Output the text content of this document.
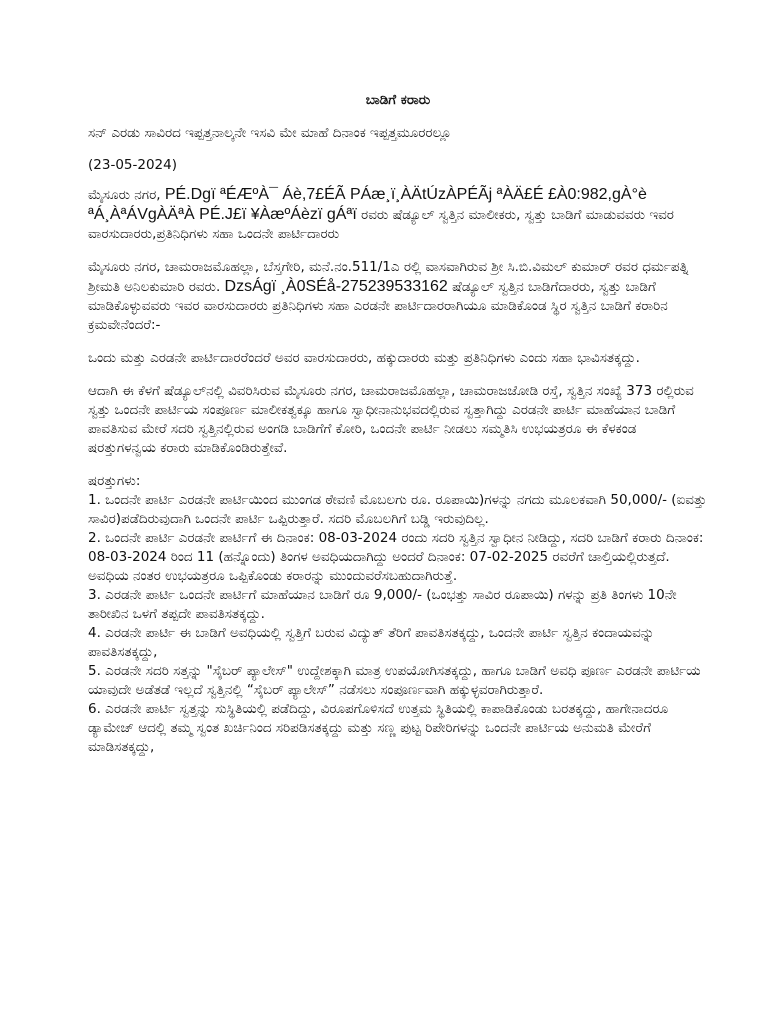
ಬಾಡಿಗೆ ಕರಾರು

ಸನ್ ಎರಡು ಸಾವಿರದ ಇಪ್ಪತ್ತನಾಲ್ಕನೇ ಇಸವಿ ಮೇ ಮಾಹೆ ದಿನಾಂಕ ಇಪ್ಪತ್ತಮೂರರಲ್ಲೂ

(23-05-2024)

ಮೈಸೂರು ನಗರ, PÉ.Dgï ªÉÆºÀ¯ Áè,7£ÉÃ PÁæ¸ï¸ÀÄtÚzÀPÉÃj ªÀÄ£É £À0:982,gÀ°è ªÁ¸ÀªÁVgÀÄªÀ PÉ.J£ï ¥ÀæºÁèzï gÁªï ರವರು ಷೆಡ್ಯೂಲ್ ಸ್ವತ್ತಿನ ಮಾಲೀಕರು, ಸ್ವತ್ತು ಬಾಡಿಗೆ ಮಾಡುವವರು ಇವರ ವಾರಸುದಾರರು,ಪ್ರತಿನಿಧಿಗಳು ಸಹಾ ಒಂದನೇ ಪಾರ್ಟಿದಾರರು

ಮೈಸೂರು ನಗರ, ಚಾಮರಾಜಮೊಹಲ್ಲಾ, ಬೆಸ್ತಗೇರಿ, ಮನೆ.ನಂ.511/1ಎ ರಲ್ಲಿ ವಾಸವಾಗಿರುವ ಶ್ರೀ ಸಿ.ಬಿ.ವಿಮಲ್ ಕುಮಾರ್ ರವರ ಧರ್ಮಪತ್ನಿ ಶ್ರೀಮತಿ ಅನಿಲಕುಮಾರಿ ರವರು. DzsÁgï ¸À0SÉå-275239533162 ಷೆಡ್ಯೂಲ್ ಸ್ವತ್ತಿನ ಬಾಡಿಗೆದಾರರು, ಸ್ವತ್ತು ಬಾಡಿಗೆ ಮಾಡಿಕೊಳ್ಳುವವರು ಇವರ ವಾರಸುದಾರರು ಪ್ರತಿನಿಧಿಗಳು ಸಹಾ ಎರಡನೇ ಪಾರ್ಟಿದಾರರಾಗಿಯೂ ಮಾಡಿಕೊಂಡ ಸ್ಥಿರ ಸ್ವತ್ತಿನ ಬಾಡಿಗೆ ಕರಾರಿನ ಕ್ರಮವೇನೆಂದರೆ:-

ಒಂದು ಮತ್ತು ಎರಡನೇ ಪಾರ್ಟಿದಾರರೆಂದರೆ ಅವರ ವಾರಸುದಾರರು, ಹಕ್ಕುದಾರರು ಮತ್ತು ಪ್ರತಿನಿಧಿಗಳು ಎಂದು ಸಹಾ ಭಾವಿಸತಕ್ಕದ್ದು.

ಆದಾಗಿ ಈ ಕೆಳಗೆ ಷೆಡ್ಯೂಲ್‌ನಲ್ಲಿ ವಿವರಿಸಿರುವ ಮೈಸೂರು ನಗರ, ಚಾಮರಾಜಮೊಹಲ್ಲಾ, ಚಾಮರಾಜಜೋಡಿ ರಸ್ತೆ, ಸ್ವತ್ತಿನ ಸಂಖ್ಯೆ 373 ರಲ್ಲಿರುವ ಸ್ವತ್ತು ಒಂದನೇ ಪಾರ್ಟಿಯ ಸಂಪೂರ್ಣ ಮಾಲೀಕತ್ವಕ್ಕೂ ಹಾಗೂ ಸ್ವಾಧೀನಾನುಭವದಲ್ಲಿರುವ ಸ್ವತ್ತಾಗಿದ್ದು ಎರಡನೇ ಪಾರ್ಟಿ ಮಾಹೆಯಾನ ಬಾಡಿಗೆ ಪಾವತಿಸುವ ಮೇರೆ ಸದರಿ ಸ್ವತ್ತಿನಲ್ಲಿರುವ ಅಂಗಡಿ ಬಾಡಿಗೆಗೆ ಕೋರಿ, ಒಂದನೇ ಪಾರ್ಟಿ ನೀಡಲು ಸಮ್ಮತಿಸಿ ಉಭಯತ್ರರೂ ಈ ಕೆಳಕಂಡ ಷರತ್ತುಗಳನ್ವಯ ಕರಾರು ಮಾಡಿಕೊಂಡಿರುತ್ತೇವೆ.

ಷರತ್ತುಗಳು:

1. ಒಂದನೇ ಪಾರ್ಟಿ ಎರಡನೇ ಪಾರ್ಟಿಯಿಂದ ಮುಂಗಡ ಠೇವಣಿ ಮೊಬಲಗು ರೂ. ರೂಪಾಯಿ)ಗಳನ್ನು ನಗದು ಮೂಲಕವಾಗಿ 50,000/- (ಐವತ್ತು ಸಾವಿರ)ಪಡೆದಿರುವುದಾಗಿ ಒಂದನೇ ಪಾರ್ಟಿ ಒಪ್ಪಿರುತ್ತಾರೆ. ಸದರಿ ಮೊಬಲಗಿಗೆ ಬಡ್ಡಿ ಇರುವುದಿಲ್ಲ.

2. ಒಂದನೇ ಪಾರ್ಟಿ ಎರಡನೇ ಪಾರ್ಟಿಗೆ ಈ ದಿನಾಂಕ: 08-03-2024 ರಂದು ಸದರಿ ಸ್ವತ್ತಿನ ಸ್ವಾಧೀನ ನೀಡಿದ್ದು, ಸದರಿ ಬಾಡಿಗೆ ಕರಾರು ದಿನಾಂಕ: 08-03-2024 ರಿಂದ 11 (ಹನ್ನೊಂದು) ತಿಂಗಳ ಅವಧಿಯದಾಗಿದ್ದು ಅಂದರೆ ದಿನಾಂಕ: 07-02-2025 ರವರೆಗೆ ಚಾಲ್ತಿಯಲ್ಲಿರುತ್ತದೆ. ಅವಧಿಯ ನಂತರ ಉಭಯತ್ರರೂ ಒಪ್ಪಿಕೊಂಡು ಕರಾರನ್ನು ಮುಂದುವರೆಸಬಹುದಾಗಿರುತ್ತೆ.

3. ಎರಡನೇ ಪಾರ್ಟಿ ಒಂದನೇ ಪಾರ್ಟಿಗೆ ಮಾಹೆಯಾನ ಬಾಡಿಗೆ ರೂ 9,000/- (ಒಂಭತ್ತು ಸಾವಿರ ರೂಪಾಯಿ) ಗಳನ್ನು ಪ್ರತಿ ತಿಂಗಳು 10ನೇ ತಾರೀಖಿನ ಒಳಗೆ ತಪ್ಪದೇ ಪಾವತಿಸತಕ್ಕದ್ದು.

4. ಎರಡನೇ ಪಾರ್ಟಿ ಈ ಬಾಡಿಗೆ ಅವಧಿಯಲ್ಲಿ ಸ್ವತ್ತಿಗೆ ಬರುವ ವಿದ್ಯುತ್ ತೆರಿಗೆ ಪಾವತಿಸತಕ್ಕದ್ದು, ಒಂದನೇ ಪಾರ್ಟಿ ಸ್ವತ್ತಿನ ಕಂದಾಯವನ್ನು ಪಾವತಿಸತಕ್ಕದ್ದು,

5. ಎರಡನೇ ಸದರಿ ಸತ್ತನ್ನು "ಸೈಬರ್ ಪ್ಯಾಲೇಸ್" ಉದ್ದೇಶಕ್ಕಾಗಿ ಮಾತ್ರ ಉಪಯೋಗಿಸತಕ್ಕದ್ದು, ಹಾಗೂ ಬಾಡಿಗೆ ಅವಧಿ ಪೂರ್ಣ ಎರಡನೇ ಪಾರ್ಟಿಯ ಯಾವುದೇ ಅಡೆತಡೆ ಇಲ್ಲದೆ ಸ್ವತ್ತಿನಲ್ಲಿ “ಸೈಬರ್ ಪ್ಯಾಲೇಸ್” ನಡೆಸಲು ಸಂಪೂರ್ಣವಾಗಿ ಹಕ್ಕುಳ್ಳವರಾಗಿರುತ್ತಾರೆ.

6. ಎರಡನೇ ಪಾರ್ಟಿ ಸ್ವತ್ತನ್ನು ಸುಸ್ಥಿತಿಯಲ್ಲಿ ಪಡೆದಿದ್ದು, ವಿರೂಪಗೊಳಿಸದೆ ಉತ್ತಮ ಸ್ಥಿತಿಯಲ್ಲಿ ಕಾಪಾಡಿಕೊಂಡು ಬರತಕ್ಕದ್ದು, ಹಾಗೇನಾದರೂ ಡ್ಯಾಮೇಜ್ ಆದಲ್ಲಿ ತಮ್ಮ ಸ್ವಂತ ಖರ್ಚಿನಿಂದ ಸರಿಪಡಿಸತಕ್ಕದ್ದು ಮತ್ತು ಸಣ್ಣ ಪುಟ್ಟ ರಿಪೇರಿಗಳನ್ನು ಒಂದನೇ ಪಾರ್ಟಿಯ ಅನುಮತಿ ಮೇರೆಗೆ ಮಾಡಿಸತಕ್ಕದ್ದು,
